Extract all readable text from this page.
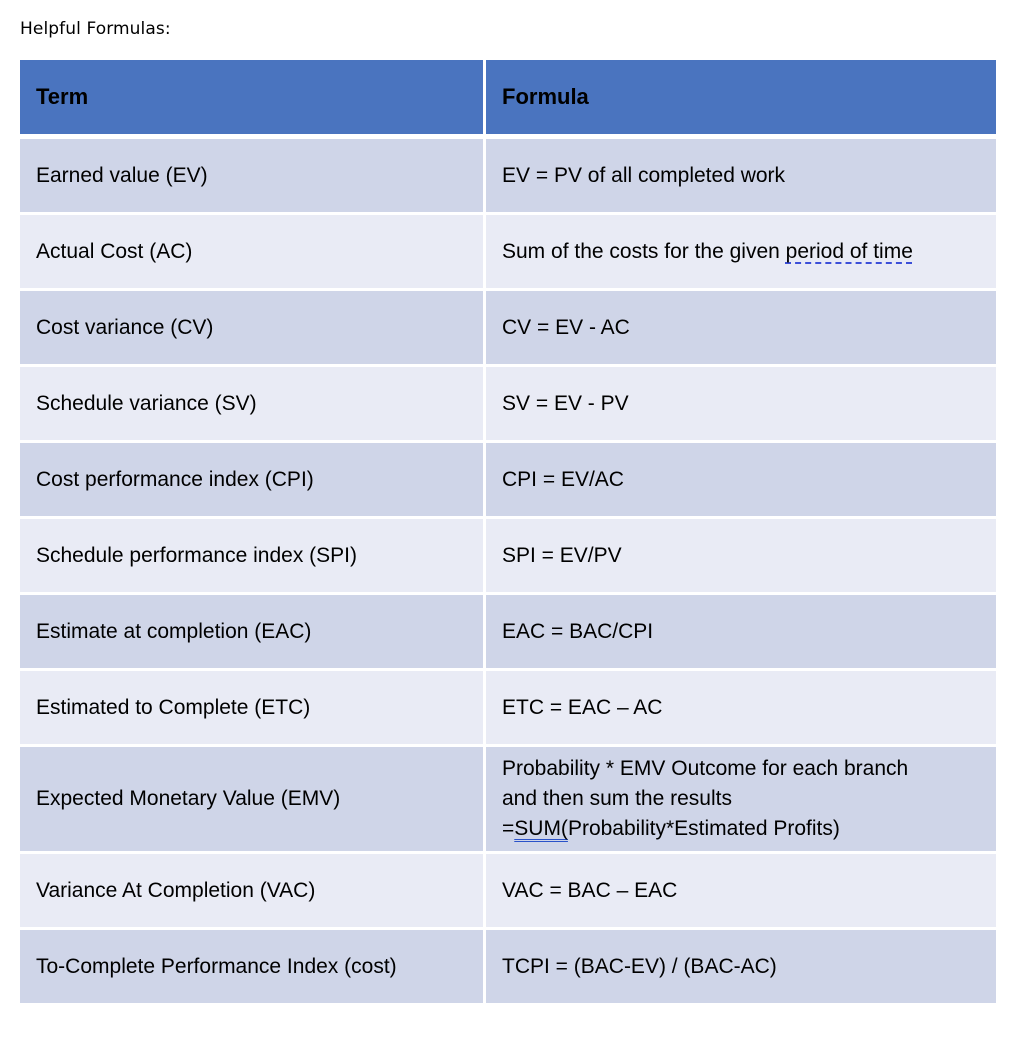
Helpful Formulas:
Term	Formula
Earned value (EV)	EV = PV of all completed work
Actual Cost (AC)	Sum of the costs for the given period of time
Cost variance (CV)	CV = EV - AC
Schedule variance (SV)	SV = EV - PV
Cost performance index (CPI)	CPI = EV/AC
Schedule performance index (SPI)	SPI = EV/PV
Estimate at completion (EAC)	EAC = BAC/CPI
Estimated to Complete (ETC)	ETC = EAC – AC
Expected Monetary Value (EMV)	Probability * EMV Outcome for each branch
and then sum the results
=SUM(Probability*Estimated Profits)

Variance At Completion (VAC)	VAC = BAC – EAC
To-Complete Performance Index (cost)	TCPI = (BAC-EV) / (BAC-AC)
